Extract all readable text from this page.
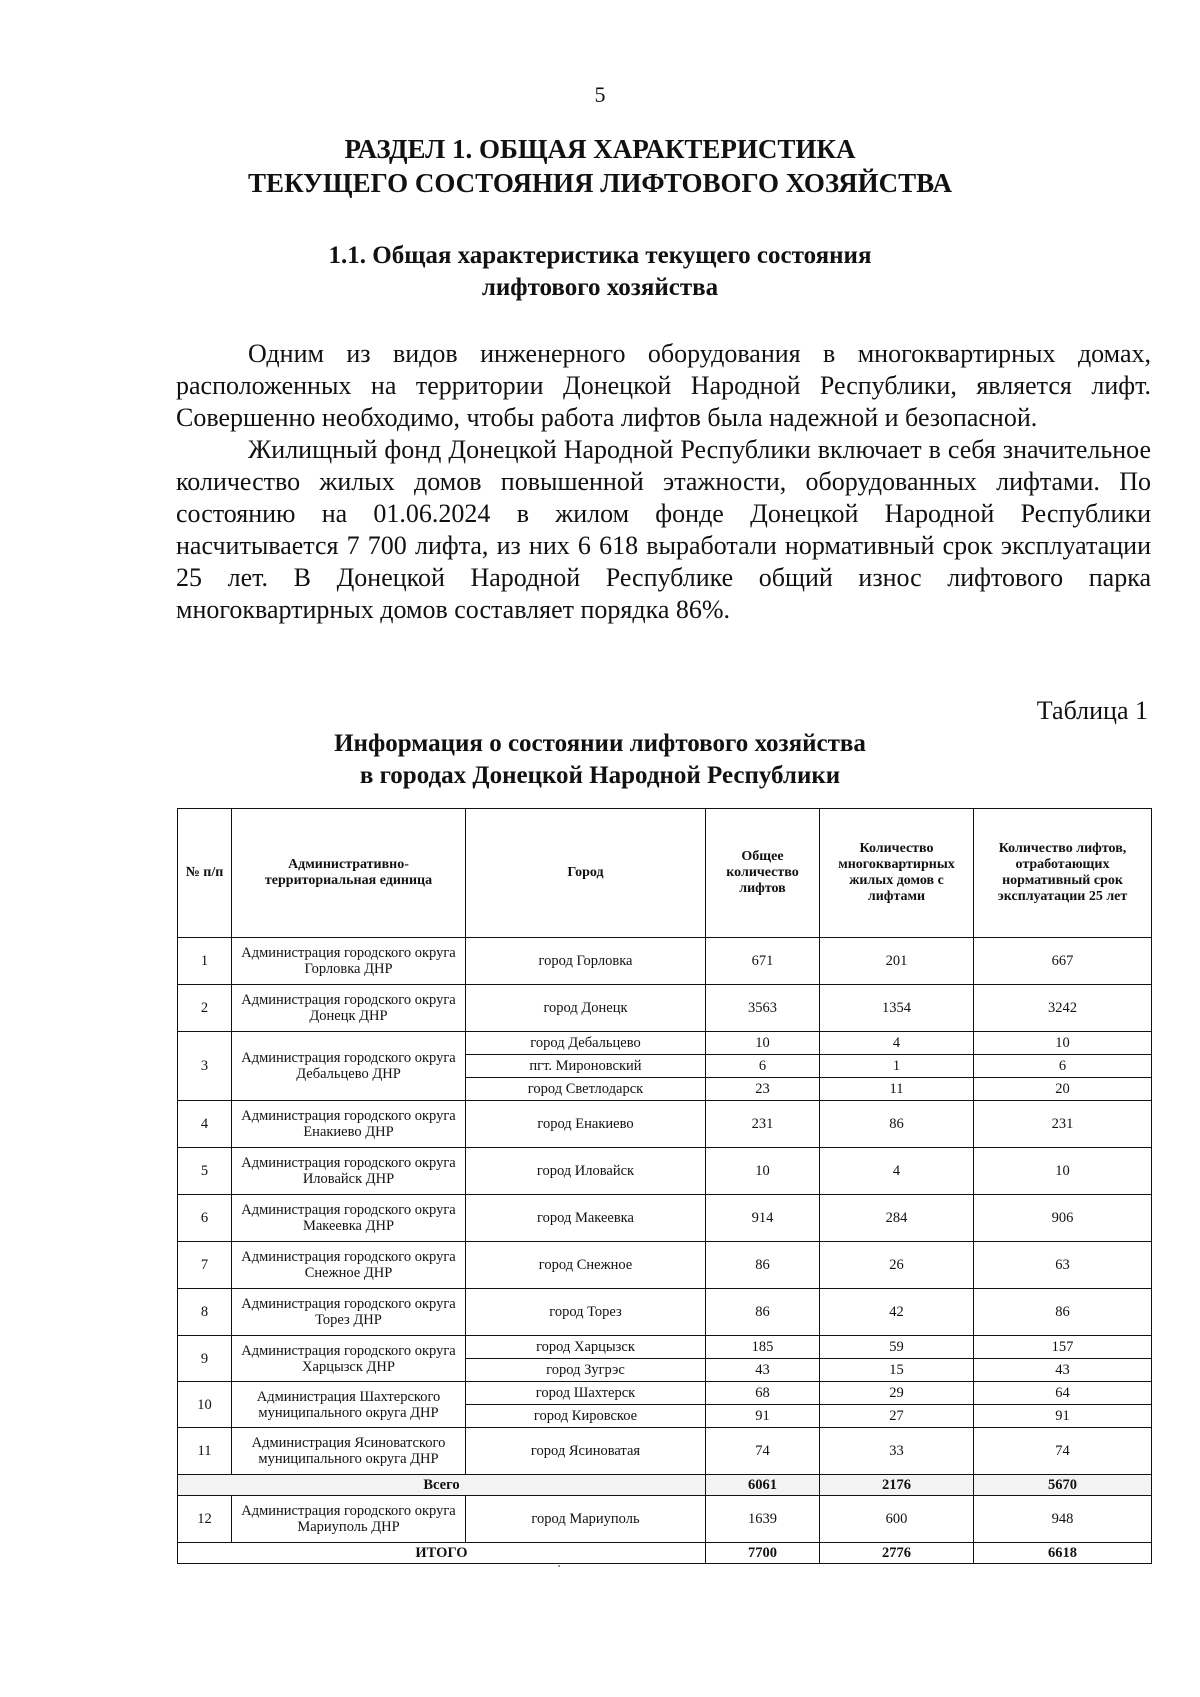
5
РАЗДЕЛ 1. ОБЩАЯ ХАРАКТЕРИСТИКА
ТЕКУЩЕГО СОСТОЯНИЯ ЛИФТОВОГО ХОЗЯЙСТВА
1.1. Общая характеристика текущего состояния
лифтового хозяйства

Одним из видов инженерного оборудования в многоквартирных домах, расположенных на территории Донецкой Народной Республики, является лифт. Совершенно необходимо, чтобы работа лифтов была надежной и безопасной.

Жилищный фонд Донецкой Народной Республики включает в себя значительное количество жилых домов повышенной этажности, оборудованных лифтами. По состоянию на 01.06.2024 в жилом фонде Донецкой Народной Республики насчитывается 7 700 лифта, из них 6 618 выработали нормативный срок эксплуатации 25 лет. В Донецкой Народной Республике общий износ лифтового парка многоквартирных домов составляет порядка 86%.

Таблица 1
Информация о состоянии лифтового хозяйства
в городах Донецкой Народной Республики
№ п/п	Административно-территориальная единица	Город	Общее количество лифтов	Количество многоквартирных жилых домов с лифтами	Количество лифтов, отработающих нормативный срок эксплуатации 25 лет
1	Администрация городского округа Горловка ДНР	город Горловка	671	201	667
2	Администрация городского округа Донецк ДНР	город Донецк	3563	1354	3242
3	Администрация городского округа Дебальцево ДНР	город Дебальцево	10	4	10
		пгт. Мироновский	6	1	6
		город Светлодарск	23	11	20
4	Администрация городского округа Енакиево ДНР	город Енакиево	231	86	231
5	Администрация городского округа Иловайск ДНР	город Иловайск	10	4	10
6	Администрация городского округа Макеевка ДНР	город Макеевка	914	284	906
7	Администрация городского округа Снежное ДНР	город Снежное	86	26	63
8	Администрация городского округа Торез ДНР	город Торез	86	42	86
9	Администрация городского округа Харцызск ДНР	город Харцызск	185	59	157
		город Зугрэс	43	15	43
10	Администрация Шахтерского муниципального округа ДНР	город Шахтерск	68	29	64
		город Кировское	91	27	91
11	Администрация Ясиноватского муниципального округа ДНР	город Ясиноватая	74	33	74
Всего			6061	2176	5670
12	Администрация городского округа Мариуполь ДНР	город Мариуполь	1639	600	948
ИТОГО			7700	2776	6618
